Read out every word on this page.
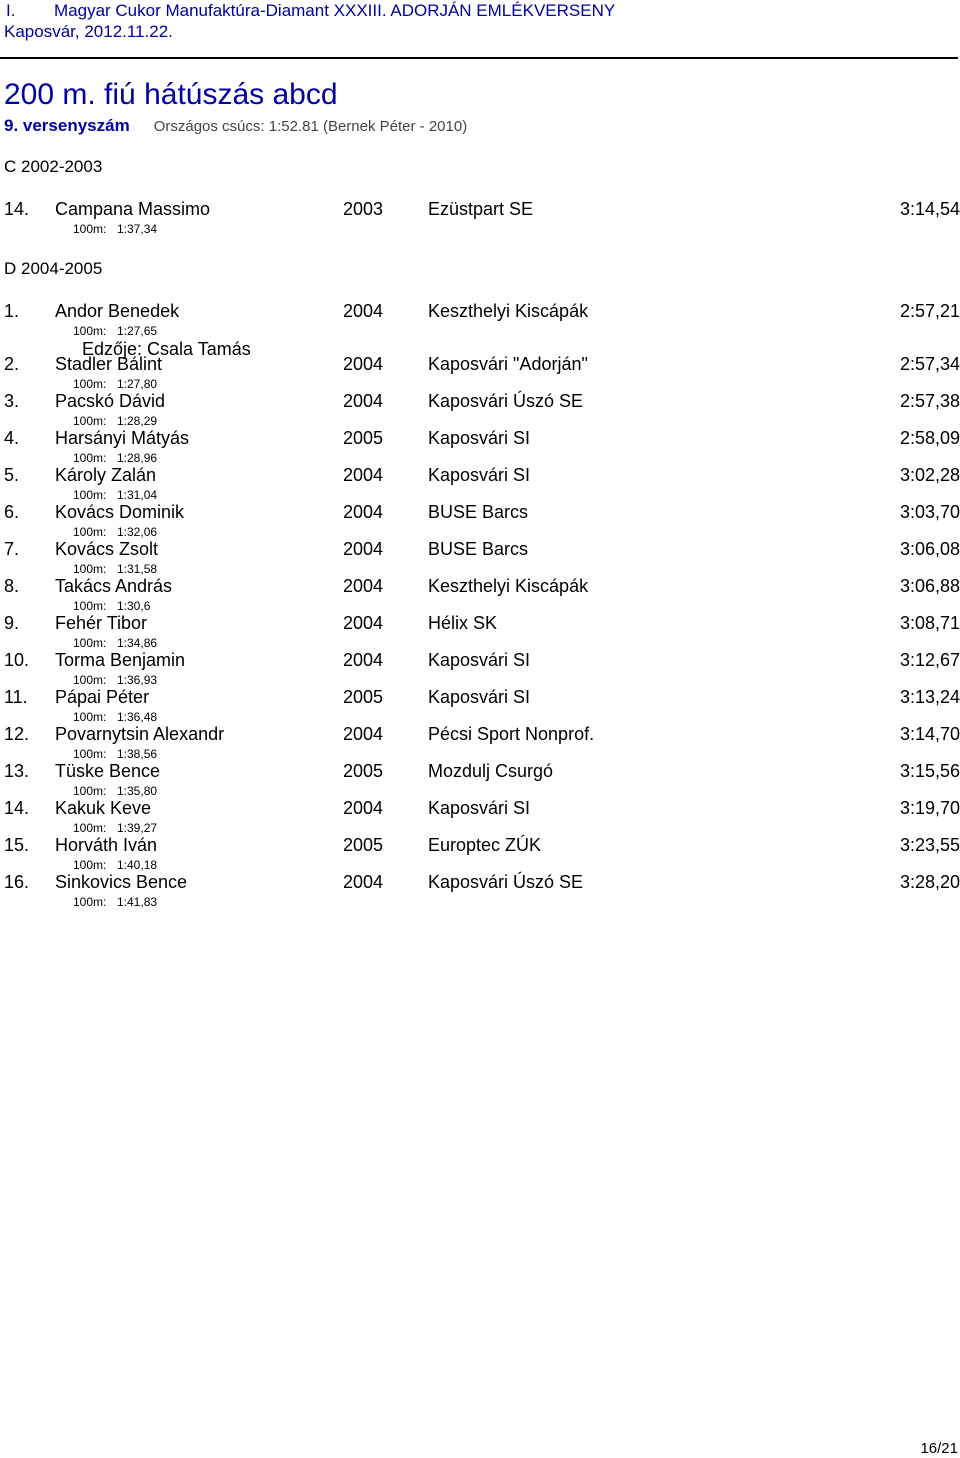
I. Magyar Cukor Manufaktúra-Diamant XXXIII. ADORJÁN EMLÉKVERSENY
Kaposvár, 2012.11.22.
200 m. fiú hátúszás abcd
9. versenyszám Országos csúcs: 1:52.81 (Bernek Péter - 2010)
C 2002-2003
14. Campana Massimo	2003 Ezüstpart SE	3:14,54
100m: 1:37,34
D 2004-2005
1. Andor Benedek	2004 Keszthelyi Kiscápák	2:57,21
100m: 1:27,65
Edzője: Csala Tamás
2. Stadler Bálint	2004 Kaposvári "Adorján"	2:57,34
100m: 1:27,80
3. Pacskó Dávid	2004 Kaposvári Úszó SE	2:57,38
100m: 1:28,29
4. Harsányi Mátyás	2005 Kaposvári SI	2:58,09
100m: 1:28,96
5. Károly Zalán	2004 Kaposvári SI	3:02,28
100m: 1:31,04
6. Kovács Dominik	2004 BUSE Barcs	3:03,70
100m: 1:32,06
7. Kovács Zsolt	2004 BUSE Barcs	3:06,08
100m: 1:31,58
8. Takács András	2004 Keszthelyi Kiscápák	3:06,88
100m: 1:30,6
9. Fehér Tibor	2004 Hélix SK	3:08,71
100m: 1:34,86
10. Torma Benjamin	2004 Kaposvári SI	3:12,67
100m: 1:36,93
11. Pápai Péter	2005 Kaposvári SI	3:13,24
100m: 1:36,48
12. Povarnytsin Alexandr	2004 Pécsi Sport Nonprof.	3:14,70
100m: 1:38,56
13. Tüske Bence	2005 Mozdulj Csurgó	3:15,56
100m: 1:35,80
14. Kakuk Keve	2004 Kaposvári SI	3:19,70
100m: 1:39,27
15. Horváth Iván	2005 Europtec ZÚK	3:23,55
100m: 1:40,18
16. Sinkovics Bence	2004 Kaposvári Úszó SE	3:28,20
100m: 1:41,83
16/21
